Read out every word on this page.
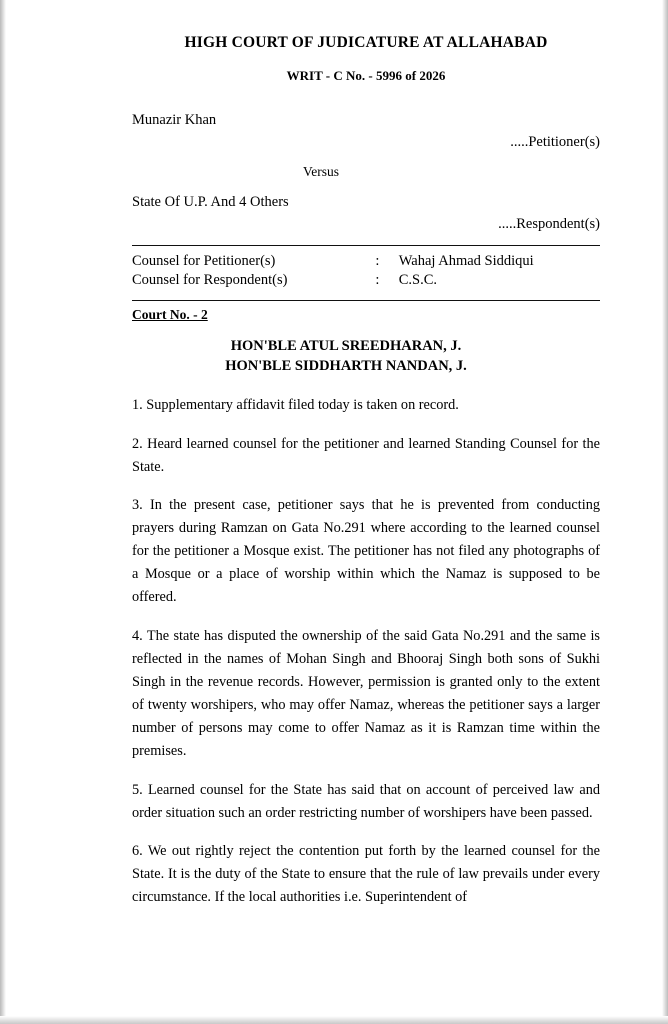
HIGH COURT OF JUDICATURE AT ALLAHABAD
WRIT - C No. - 5996 of 2026

Munazir Khan

.....Petitioner(s)

Versus

State Of U.P. And 4 Others

.....Respondent(s)

Counsel for Petitioner(s)	:	Wahaj Ahmad Siddiqui
Counsel for Respondent(s)	:	C.S.C.
Court No. - 2
HON'BLE ATUL SREEDHARAN, J.
HON'BLE SIDDHARTH NANDAN, J.

1. Supplementary affidavit filed today is taken on record.

2. Heard learned counsel for the petitioner and learned Standing Counsel for the State.

3. In the present case, petitioner says that he is prevented from conducting prayers during Ramzan on Gata No.291 where according to the learned counsel for the petitioner a Mosque exist. The petitioner has not filed any photographs of a Mosque or a place of worship within which the Namaz is supposed to be offered.

4. The state has disputed the ownership of the said Gata No.291 and the same is reflected in the names of Mohan Singh and Bhooraj Singh both sons of Sukhi Singh in the revenue records. However, permission is granted only to the extent of twenty worshipers, who may offer Namaz, whereas the petitioner says a larger number of persons may come to offer Namaz as it is Ramzan time within the premises.

5. Learned counsel for the State has said that on account of perceived law and order situation such an order restricting number of worshipers have been passed.

6. We out rightly reject the contention put forth by the learned counsel for the State. It is the duty of the State to ensure that the rule of law prevails under every circumstance. If the local authorities i.e. Superintendent of
